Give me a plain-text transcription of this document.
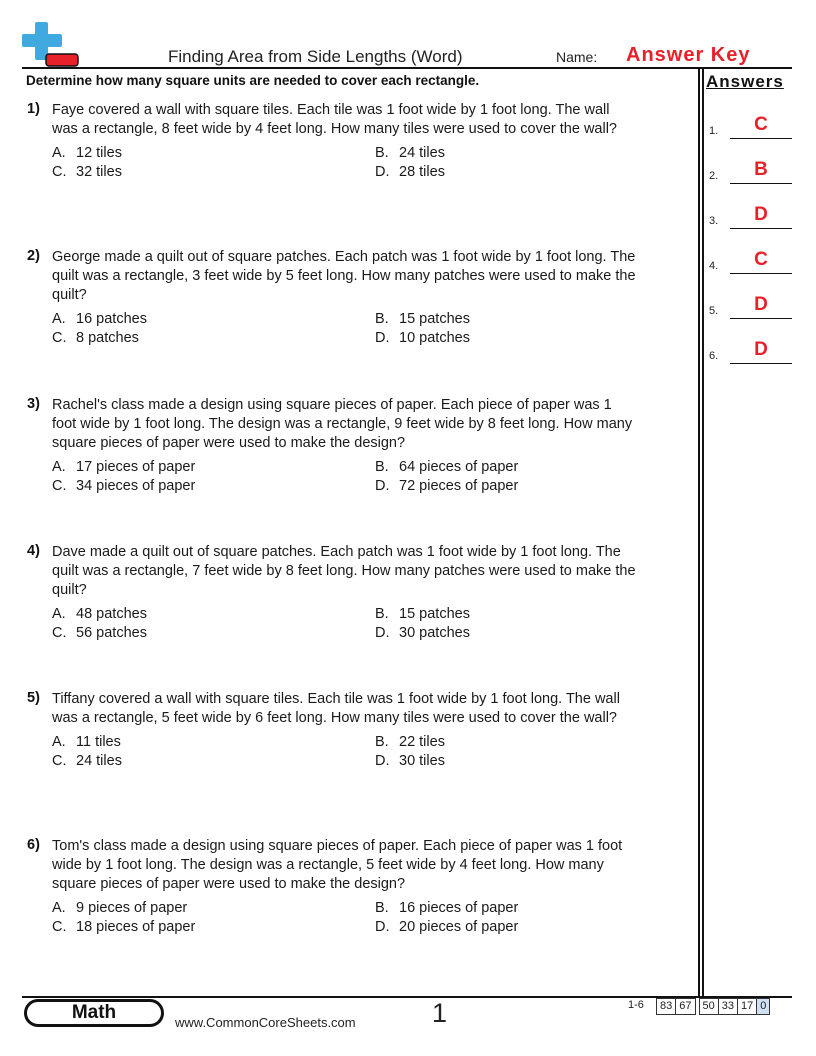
Finding Area from Side Lengths (Word)	Name: Answer Key
Determine how many square units are needed to cover each rectangle.
1) Faye covered a wall with square tiles. Each tile was 1 foot wide by 1 foot long. The wall
was a rectangle, 8 feet wide by 4 feet long. How many tiles were used to cover the wall?
A. 12 tiles	B. 24 tiles
C. 32 tiles	D. 28 tiles
2) George made a quilt out of square patches. Each patch was 1 foot wide by 1 foot long. The
quilt was a rectangle, 3 feet wide by 5 feet long. How many patches were used to make the
quilt?
A. 16 patches	B. 15 patches
C. 8 patches	D. 10 patches
3) Rachel's class made a design using square pieces of paper. Each piece of paper was 1
foot wide by 1 foot long. The design was a rectangle, 9 feet wide by 8 feet long. How many
square pieces of paper were used to make the design?
A. 17 pieces of paper	B. 64 pieces of paper
C. 34 pieces of paper	D. 72 pieces of paper
4) Dave made a quilt out of square patches. Each patch was 1 foot wide by 1 foot long. The
quilt was a rectangle, 7 feet wide by 8 feet long. How many patches were used to make the
quilt?
A. 48 patches	B. 15 patches
C. 56 patches	D. 30 patches
5) Tiffany covered a wall with square tiles. Each tile was 1 foot wide by 1 foot long. The wall
was a rectangle, 5 feet wide by 6 feet long. How many tiles were used to cover the wall?
A. 11 tiles	B. 22 tiles
C. 24 tiles	D. 30 tiles
6) Tom's class made a design using square pieces of paper. Each piece of paper was 1 foot
wide by 1 foot long. The design was a rectangle, 5 feet wide by 4 feet long. How many
square pieces of paper were used to make the design?
A. 9 pieces of paper	B. 16 pieces of paper
C. 18 pieces of paper	D. 20 pieces of paper
Answers
1.	C
2.	B
3.	D
4.	C
5.	D
6.	D
Math	www.CommonCoreSheets.com	1	1-6	83 67	50 33 17 0
